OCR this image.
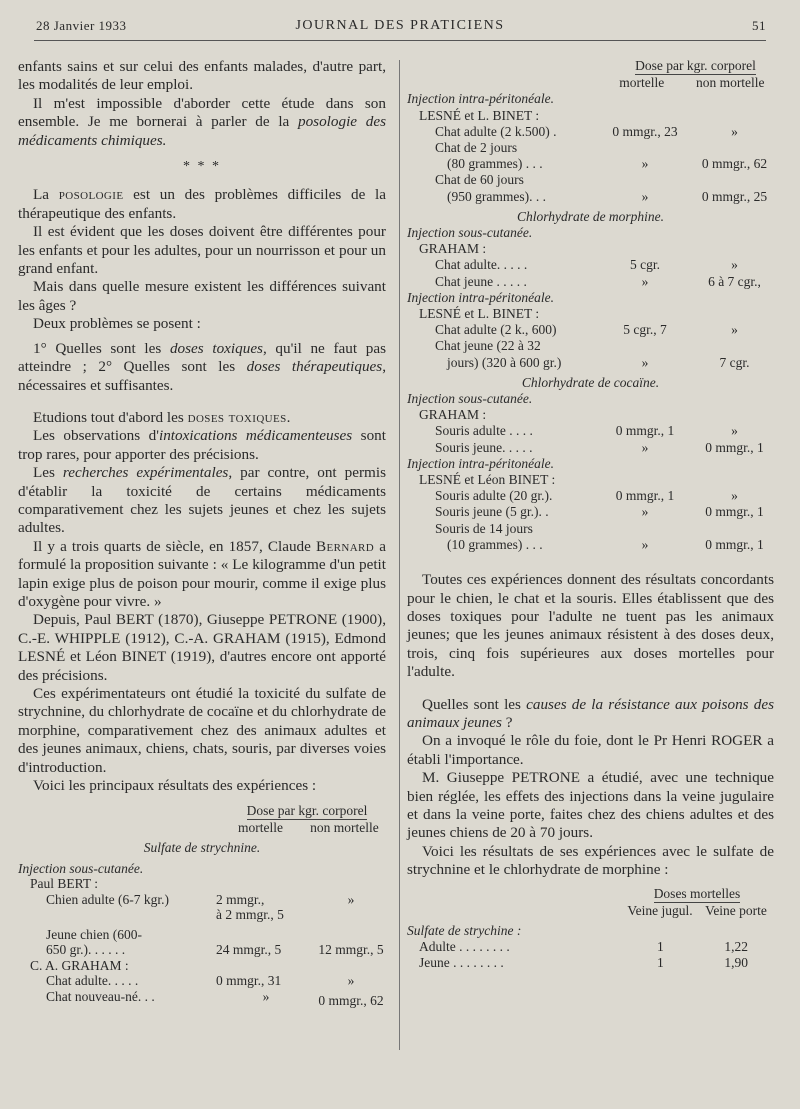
28 Janvier 1933	JOURNAL DES PRATICIENS	51

enfants sains et sur celui des enfants malades, d'autre part, les modalités de leur emploi.

Il m'est impossible d'aborder cette étude dans son ensemble. Je me bornerai à parler de la posologie des médicaments chimiques.

* * *

La posologie est un des problèmes difficiles de la thérapeutique des enfants.

Il est évident que les doses doivent être différentes pour les enfants et pour les adultes, pour un nourrisson et pour un grand enfant.

Mais dans quelle mesure existent les différences suivant les âges ?

Deux problèmes se posent :

1° Quelles sont les doses toxiques, qu'il ne faut pas atteindre ; 2° Quelles sont les doses thérapeutiques, nécessaires et suffisantes.

Etudions tout d'abord les doses toxiques.

Les observations d'intoxications médicamenteuses sont trop rares, pour apporter des précisions.

Les recherches expérimentales, par contre, ont permis d'établir la toxicité de certains médicaments comparativement chez les sujets jeunes et chez les sujets adultes.

Il y a trois quarts de siècle, en 1857, Claude Bernard a formulé la proposition suivante : « Le kilogramme d'un petit lapin exige plus de poison pour mourir, comme il exige plus d'oxygène pour vivre. »

Depuis, Paul BERT (1870), Giuseppe PETRONE (1900), C.-E. WHIPPLE (1912), C.-A. GRAHAM (1915), Edmond LESNÉ et Léon BINET (1919), d'autres encore ont apporté des précisions.

Ces expérimentateurs ont étudié la toxicité du sulfate de strychnine, du chlorhydrate de cocaïne et du chlorhydrate de morphine, comparativement chez des animaux adultes et des jeunes animaux, chiens, chats, souris, par diverses voies d'introduction.

Voici les principaux résultats des expériences :

Dose par kgr. corporel
mortelle	non mortelle
Sulfate de strychnine.
Injection sous-cutanée.
Paul BERT :
Chien adulte (6-7 kgr.)	2 mmgr.,	»
	à 2 mmgr., 5	
Jeune chien (600-		
650 gr.). . . . . .	24 mmgr., 5	12 mmgr., 5
C. A. GRAHAM :		
Chat adulte. . . . .	0 mmgr., 31	»
Chat nouveau-né. . .	»	0 mmgr., 62
Dose par kgr. corporel
mortelle	non mortelle
Injection intra-péritonéale.
LESNÉ et L. BINET :
Chat adulte (2 k.500) .	0 mmgr., 23	»
Chat de 2 jours		
(80 grammes) . . .	»	0 mmgr., 62
Chat de 60 jours		
(950 grammes). . .	»	0 mmgr., 25
Chlorhydrate de morphine.		
Injection sous-cutanée.		
GRAHAM :		
Chat adulte. . . . .	5 cgr.	»
Chat jeune . . . . .	»	6 à 7 cgr.,
Injection intra-péritonéale.		
LESNÉ et L. BINET :		
Chat adulte (2 k., 600)	5 cgr., 7	»
Chat jeune (22 à 32		
jours) (320 à 600 gr.)	»	7 cgr.
Chlorhydrate de cocaïne.		
Injection sous-cutanée.		
GRAHAM :		
Souris adulte . . . .	0 mmgr., 1	»
Souris jeune. . . . .	»	0 mmgr., 1
Injection intra-péritonéale.		
LESNÉ et Léon BINET :		
Souris adulte (20 gr.).	0 mmgr., 1	»
Souris jeune (5 gr.). .	»	0 mmgr., 1
Souris de 14 jours		
(10 grammes) . . .	»	0 mmgr., 1

Toutes ces expériences donnent des résultats concordants pour le chien, le chat et la souris. Elles établissent que des doses toxiques pour l'adulte ne tuent pas les animaux jeunes; que les jeunes animaux résistent à des doses deux, trois, cinq fois supérieures aux doses mortelles pour l'adulte.

Quelles sont les causes de la résistance aux poisons des animaux jeunes ?

On a invoqué le rôle du foie, dont le Pr Henri ROGER a établi l'importance.

M. Giuseppe PETRONE a étudié, avec une technique bien réglée, les effets des injections dans la veine jugulaire et dans la veine porte, faites chez des chiens adultes et des jeunes chiens de 20 à 70 jours.

Voici les résultats de ses expériences avec le sulfate de strychnine et le chlorhydrate de morphine :

Doses mortelles
Veine jugul. Veine porte
Sulfate de strychine :
Adulte . . . . . . . .	1	1,22
Jeune . . . . . . . .	1	1,90
